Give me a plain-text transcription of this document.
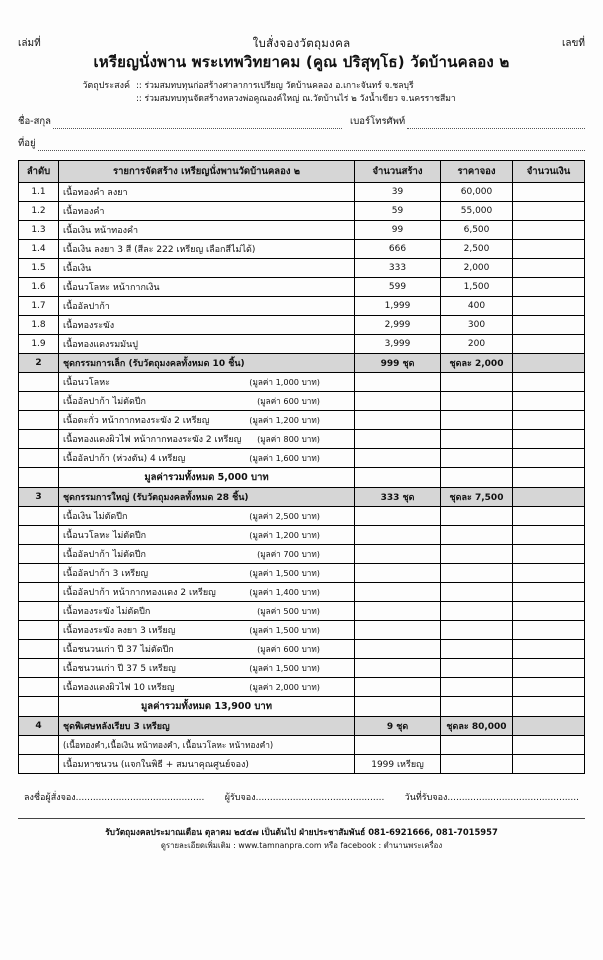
เล่มที่	ใบสั่งจองวัตถุมงคล
เหรียญนั่งพาน พระเทพวิทยาคม (คูณ ปริสุทฺโธ) วัดบ้านคลอง ๒
เลขที่
วัตถุประสงค์ :: ร่วมสมทบทุนก่อสร้างศาลาการเปรียญ วัดบ้านคลอง อ.เกาะจันทร์ จ.ชลบุรี
:: ร่วมสมทบทุนจัดสร้างหลวงพ่อคูณองค์ใหญ่ ณ.วัดบ้านไร่ ๒ วังน้ำเขียว จ.นครราชสีมา
ชื่อ-สกุล	เบอร์โทรศัพท์
ที่อยู่
ลำดับ	รายการจัดสร้าง เหรียญนั่งพานวัดบ้านคลอง ๒	จำนวนสร้าง	ราคาจอง	จำนวนเงิน
1.1	เนื้อทองคำ ลงยา	39	60,000	
1.2	เนื้อทองคำ	59	55,000	
1.3	เนื้อเงิน หน้าทองคำ	99	6,500	
1.4	เนื้อเงิน ลงยา 3 สี (สีละ 222 เหรียญ เลือกสีไม่ได้)	666	2,500	
1.5	เนื้อเงิน	333	2,000	
1.6	เนื้อนวโลหะ หน้ากากเงิน	599	1,500	
1.7	เนื้ออัลปาก้า	1,999	400	
1.8	เนื้อทองระฆัง	2,999	300	
1.9	เนื้อทองแดงรมมันปู	3,999	200	
2	ชุดกรรมการเล็ก (รับวัตถุมงคลทั้งหมด 10 ชิ้น)	999 ชุด	ชุดละ 2,000	

	เนื้อนวโลหะ (มูลค่า 1,000 บาท)			

	เนื้ออัลปาก้า ไม่ตัดปีก (มูลค่า 600 บาท)			

	เนื้อตะกั่ว หน้ากากทองระฆัง 2 เหรียญ (มูลค่า 1,200 บาท)			

	เนื้อทองแดงผิวไฟ หน้ากากทองระฆัง 2 เหรียญ (มูลค่า 800 บาท)			

	เนื้ออัลปาก้า (ห่วงตัน) 4 เหรียญ (มูลค่า 1,600 บาท)			

	มูลค่ารวมทั้งหมด 5,000 บาท			
3	ชุดกรรมการใหญ่ (รับวัตถุมงคลทั้งหมด 28 ชิ้น)	333 ชุด	ชุดละ 7,500	

	เนื้อเงิน ไม่ตัดปีก (มูลค่า 2,500 บาท)			

	เนื้อนวโลหะ ไม่ตัดปีก (มูลค่า 1,200 บาท)			

	เนื้ออัลปาก้า ไม่ตัดปีก (มูลค่า 700 บาท)			

	เนื้ออัลปาก้า 3 เหรียญ (มูลค่า 1,500 บาท)			

	เนื้ออัลปาก้า หน้ากากทองแดง 2 เหรียญ (มูลค่า 1,400 บาท)			

	เนื้อทองระฆัง ไม่ตัดปีก (มูลค่า 500 บาท)			

	เนื้อทองระฆัง ลงยา 3 เหรียญ (มูลค่า 1,500 บาท)			

	เนื้อชนวนเก่า ปี 37 ไม่ตัดปีก (มูลค่า 600 บาท)			

	เนื้อชนวนเก่า ปี 37 5 เหรียญ (มูลค่า 1,500 บาท)			

	เนื้อทองแดงผิวไฟ 10 เหรียญ (มูลค่า 2,000 บาท)			

	มูลค่ารวมทั้งหมด 13,900 บาท			
4	ชุดพิเศษหลังเรียบ 3 เหรียญ	9 ชุด	ชุดละ 80,000	
	(เนื้อทองคำ,เนื้อเงิน หน้าทองคำ, เนื้อนวโลหะ หน้าทองคำ)			
	เนื้อมหาชนวน (แจกในพิธี + สมนาคุณศูนย์จอง)	1999 เหรียญ		
ลงชื่อผู้สั่งจอง............................................. ผู้รับจอง............................................. วันที่รับจอง..............................................
รับวัตถุมงคลประมาณเดือน ตุลาคม ๒๕๕๗ เป็นต้นไป ฝ่ายประชาสัมพันธ์ 081-6921666, 081-7015957
ดูรายละเอียดเพิ่มเติม : www.tamnanpra.com หรือ facebook : ตำนานพระเครื่อง
